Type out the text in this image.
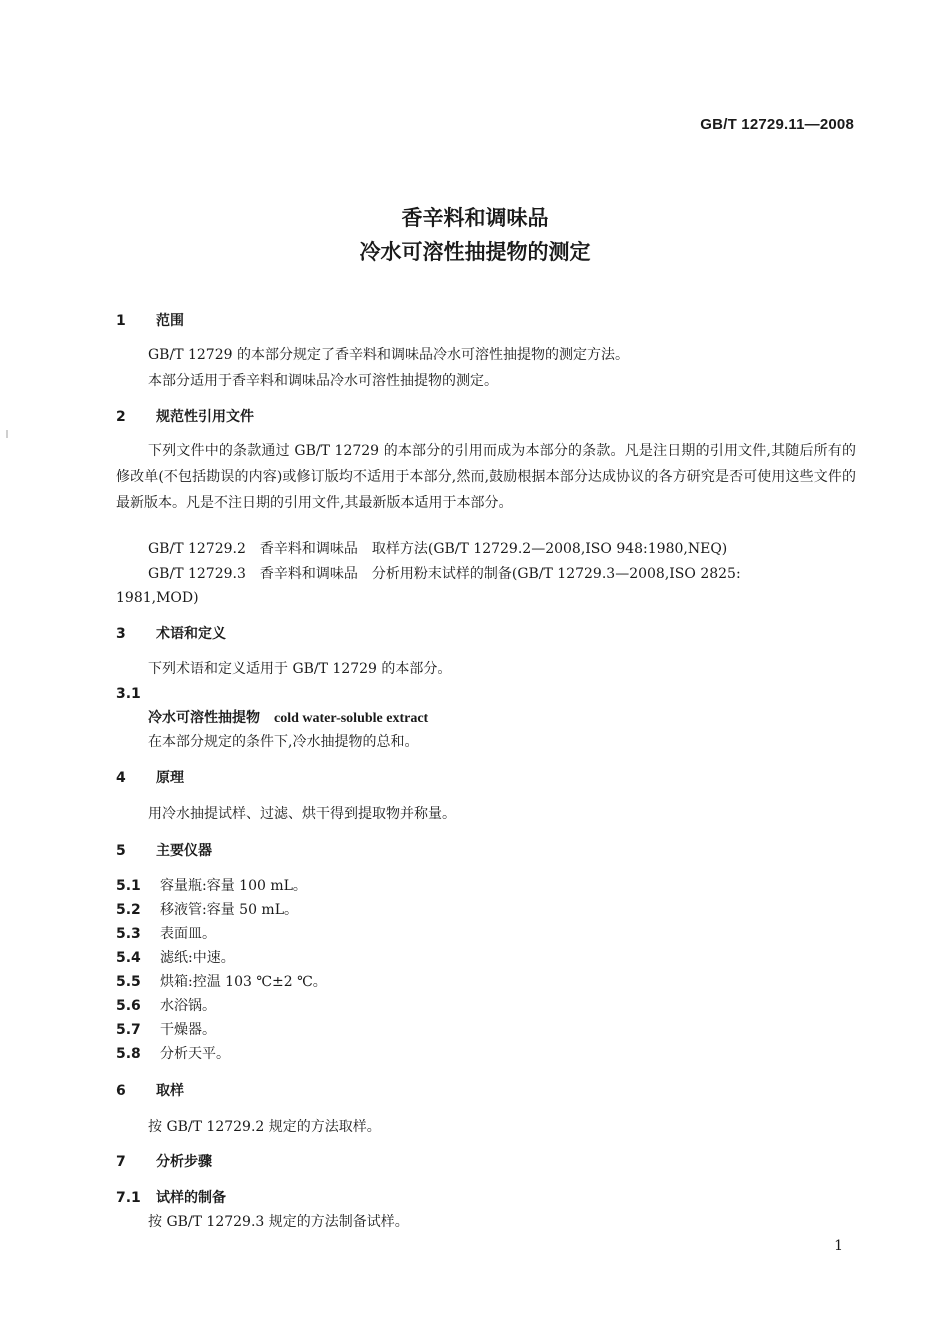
GB/T 12729.11—2008
香辛料和调味品
冷水可溶性抽提物的测定
1 范围
GB/T 12729 的本部分规定了香辛料和调味品冷水可溶性抽提物的测定方法。
本部分适用于香辛料和调味品冷水可溶性抽提物的测定。
2 规范性引用文件
下列文件中的条款通过 GB/T 12729 的本部分的引用而成为本部分的条款。凡是注日期的引用文件,其随后所有的修改单(不包括勘误的内容)或修订版均不适用于本部分,然而,鼓励根据本部分达成协议的各方研究是否可使用这些文件的最新版本。凡是不注日期的引用文件,其最新版本适用于本部分。
GB/T 12729.2　香辛料和调味品　取样方法(GB/T 12729.2—2008,ISO 948:1980,NEQ)
GB/T 12729.3　香辛料和调味品　分析用粉末试样的制备(GB/T 12729.3—2008,ISO 2825:
1981,MOD)
3 术语和定义
下列术语和定义适用于 GB/T 12729 的本部分。
3.1
冷水可溶性抽提物 cold water-soluble extract
在本部分规定的条件下,冷水抽提物的总和。
4 原理
用冷水抽提试样、过滤、烘干得到提取物并称量。
5 主要仪器
5.1 容量瓶:容量 100 mL。
5.2 移液管:容量 50 mL。
5.3 表面皿。
5.4 滤纸:中速。
5.5 烘箱:控温 103 ℃±2 ℃。
5.6 水浴锅。
5.7 干燥器。
5.8 分析天平。
6 取样
按 GB/T 12729.2 规定的方法取样。
7 分析步骤
7.1 试样的制备
按 GB/T 12729.3 规定的方法制备试样。
1
